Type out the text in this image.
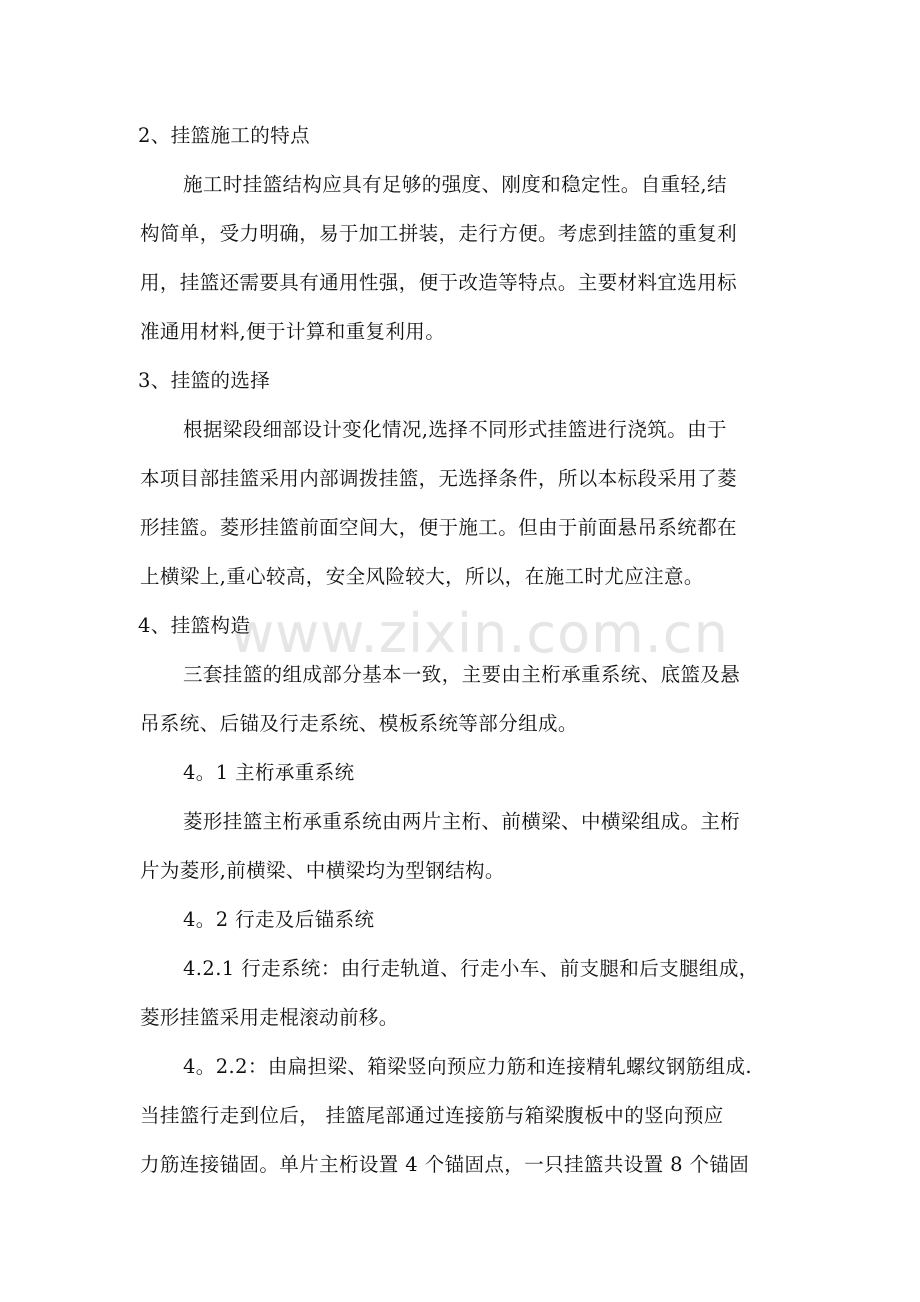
www.zixin.com.cn
2、挂篮施工的特点
施工时挂篮结构应具有足够的强度、刚度和稳定性。自重轻,结
构简单，受力明确，易于加工拼装，走行方便。考虑到挂篮的重复利
用，挂篮还需要具有通用性强，便于改造等特点。主要材料宜选用标
准通用材料,便于计算和重复利用。
3、挂篮的选择
根据梁段细部设计变化情况,选择不同形式挂篮进行浇筑。由于
本项目部挂篮采用内部调拨挂篮，无选择条件，所以本标段采用了菱
形挂篮。菱形挂篮前面空间大，便于施工。但由于前面悬吊系统都在
上横梁上,重心较高，安全风险较大，所以，在施工时尤应注意。
4、挂篮构造
三套挂篮的组成部分基本一致，主要由主桁承重系统、底篮及悬
吊系统、后锚及行走系统、模板系统等部分组成。
4。1 主桁承重系统
菱形挂篮主桁承重系统由两片主桁、前横梁、中横梁组成。主桁
片为菱形,前横梁、中横梁均为型钢结构。
4。2 行走及后锚系统
4.2.1 行走系统：由行走轨道、行走小车、前支腿和后支腿组成，
菱形挂篮采用走棍滚动前移。
4。2.2：由扁担梁、箱梁竖向预应力筋和连接精轧螺纹钢筋组成.
当挂篮行走到位后， 挂篮尾部通过连接筋与箱梁腹板中的竖向预应
力筋连接锚固。单片主桁设置 4 个锚固点，一只挂篮共设置 8 个锚固
